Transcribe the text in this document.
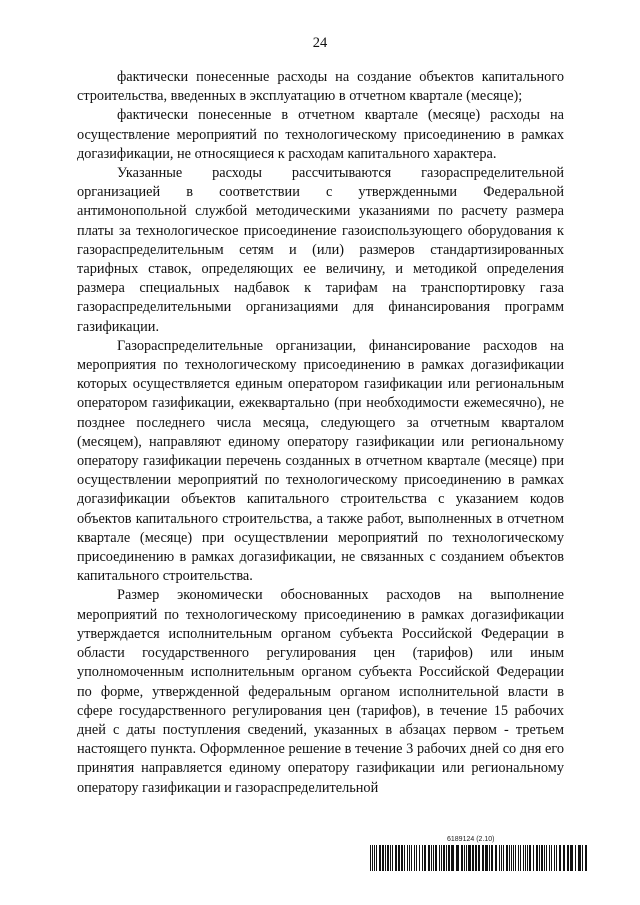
24

фактически понесенные расходы на создание объектов капитального строительства, введенных в эксплуатацию в отчетном квартале (месяце);

фактически понесенные в отчетном квартале (месяце) расходы на осуществление мероприятий по технологическому присоединению в рамках догазификации, не относящиеся к расходам капитального характера.

Указанные расходы рассчитываются газораспределительной организацией в соответствии с утвержденными Федеральной антимонопольной службой методическими указаниями по расчету размера платы за технологическое присоединение газоиспользующего оборудования к газораспределительным сетям и (или) размеров стандартизированных тарифных ставок, определяющих ее величину, и методикой определения размера специальных надбавок к тарифам на транспортировку газа газораспределительными организациями для финансирования программ газификации.

Газораспределительные организации, финансирование расходов на мероприятия по технологическому присоединению в рамках догазификации которых осуществляется единым оператором газификации или региональным оператором газификации, ежеквартально (при необходимости ежемесячно), не позднее последнего числа месяца, следующего за отчетным кварталом (месяцем), направляют единому оператору газификации или региональному оператору газификации перечень созданных в отчетном квартале (месяце) при осуществлении мероприятий по технологическому присоединению в рамках догазификации объектов капитального строительства с указанием кодов объектов капитального строительства, а также работ, выполненных в отчетном квартале (месяце) при осуществлении мероприятий по технологическому присоединению в рамках догазификации, не связанных с созданием объектов капитального строительства.

Размер экономически обоснованных расходов на выполнение мероприятий по технологическому присоединению в рамках догазификации утверждается исполнительным органом субъекта Российской Федерации в области государственного регулирования цен (тарифов) или иным уполномоченным исполнительным органом субъекта Российской Федерации по форме, утвержденной федеральным органом исполнительной власти в сфере государственного регулирования цен (тарифов), в течение 15 рабочих дней с даты поступления сведений, указанных в абзацах первом - третьем настоящего пункта. Оформленное решение в течение 3 рабочих дней со дня его принятия направляется единому оператору газификации или региональному оператору газификации и газораспределительной

6189124 (2.10)
